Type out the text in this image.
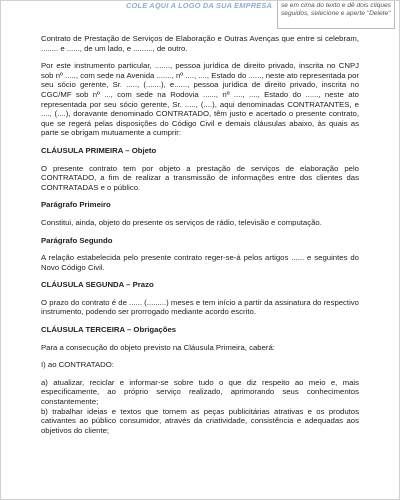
COLE AQUI A LOGO DA SUA EMPRESA	se em cima do texto e dê dois cliques seguidos, selecione e aperte "Delete"

Contrato de Prestação de Serviços de Elaboração e Outras Avenças que entre si celebram, ........ e ......, de um lado, e ........., de outro.

Por este instrumento particular, ......., pessoa jurídica de direito privado, inscrita no CNPJ sob nº ....., com sede na Avenida ......., nº ...., ...., Estado do ......, neste ato representada por seu sócio gerente, Sr. ....., (.......), e......, pessoa jurídica de direito privado, inscrita no CGC/MF sob nº ..., com sede na Rodovia ......, nº ...., ...., Estado do ......, neste ato representada por seu sócio gerente, Sr. ....., (....), aqui denominadas CONTRATANTES, e ...., (....), doravante denominado CONTRATADO, têm justo e acertado o presente contrato, que se regerá pelas disposições do Código Civil e demais cláusulas abaixo, às quais as parte se obrigam mutuamente a cumprir:

CLÁUSULA PRIMEIRA – Objeto

O presente contrato tem por objeto a prestação de serviços de elaboração pelo CONTRATADO, a fim de realizar a transmissão de informações entre dos clientes das CONTRATADAS e o público.

Parágrafo Primeiro

Constitui, ainda, objeto do presente os serviços de rádio, televisão e computação.

Parágrafo Segundo

A relação estabelecida pelo presente contrato reger-se-á pelos artigos ...... e seguintes do Novo Código Civil.

CLÁUSULA SEGUNDA – Prazo

O prazo do contrato é de ...... (.........) meses e tem início a partir da assinatura do respectivo instrumento, podendo ser prorrogado mediante acordo escrito.

CLÁUSULA TERCEIRA – Obrigações

Para a consecução do objeto previsto na Cláusula Primeira, caberá:

I) ao CONTRATADO:

a) atualizar, reciclar e informar-se sobre tudo o que diz respeito ao meio e, mais especificamente, ao próprio serviço realizado, aprimorando seus conhecimentos constantemente;

b) trabalhar ideias e textos que tornem as peças publicitárias atrativas e os produtos cativantes ao público consumidor, através da criatividade, consistência e adequadas aos objetivos do cliente;
